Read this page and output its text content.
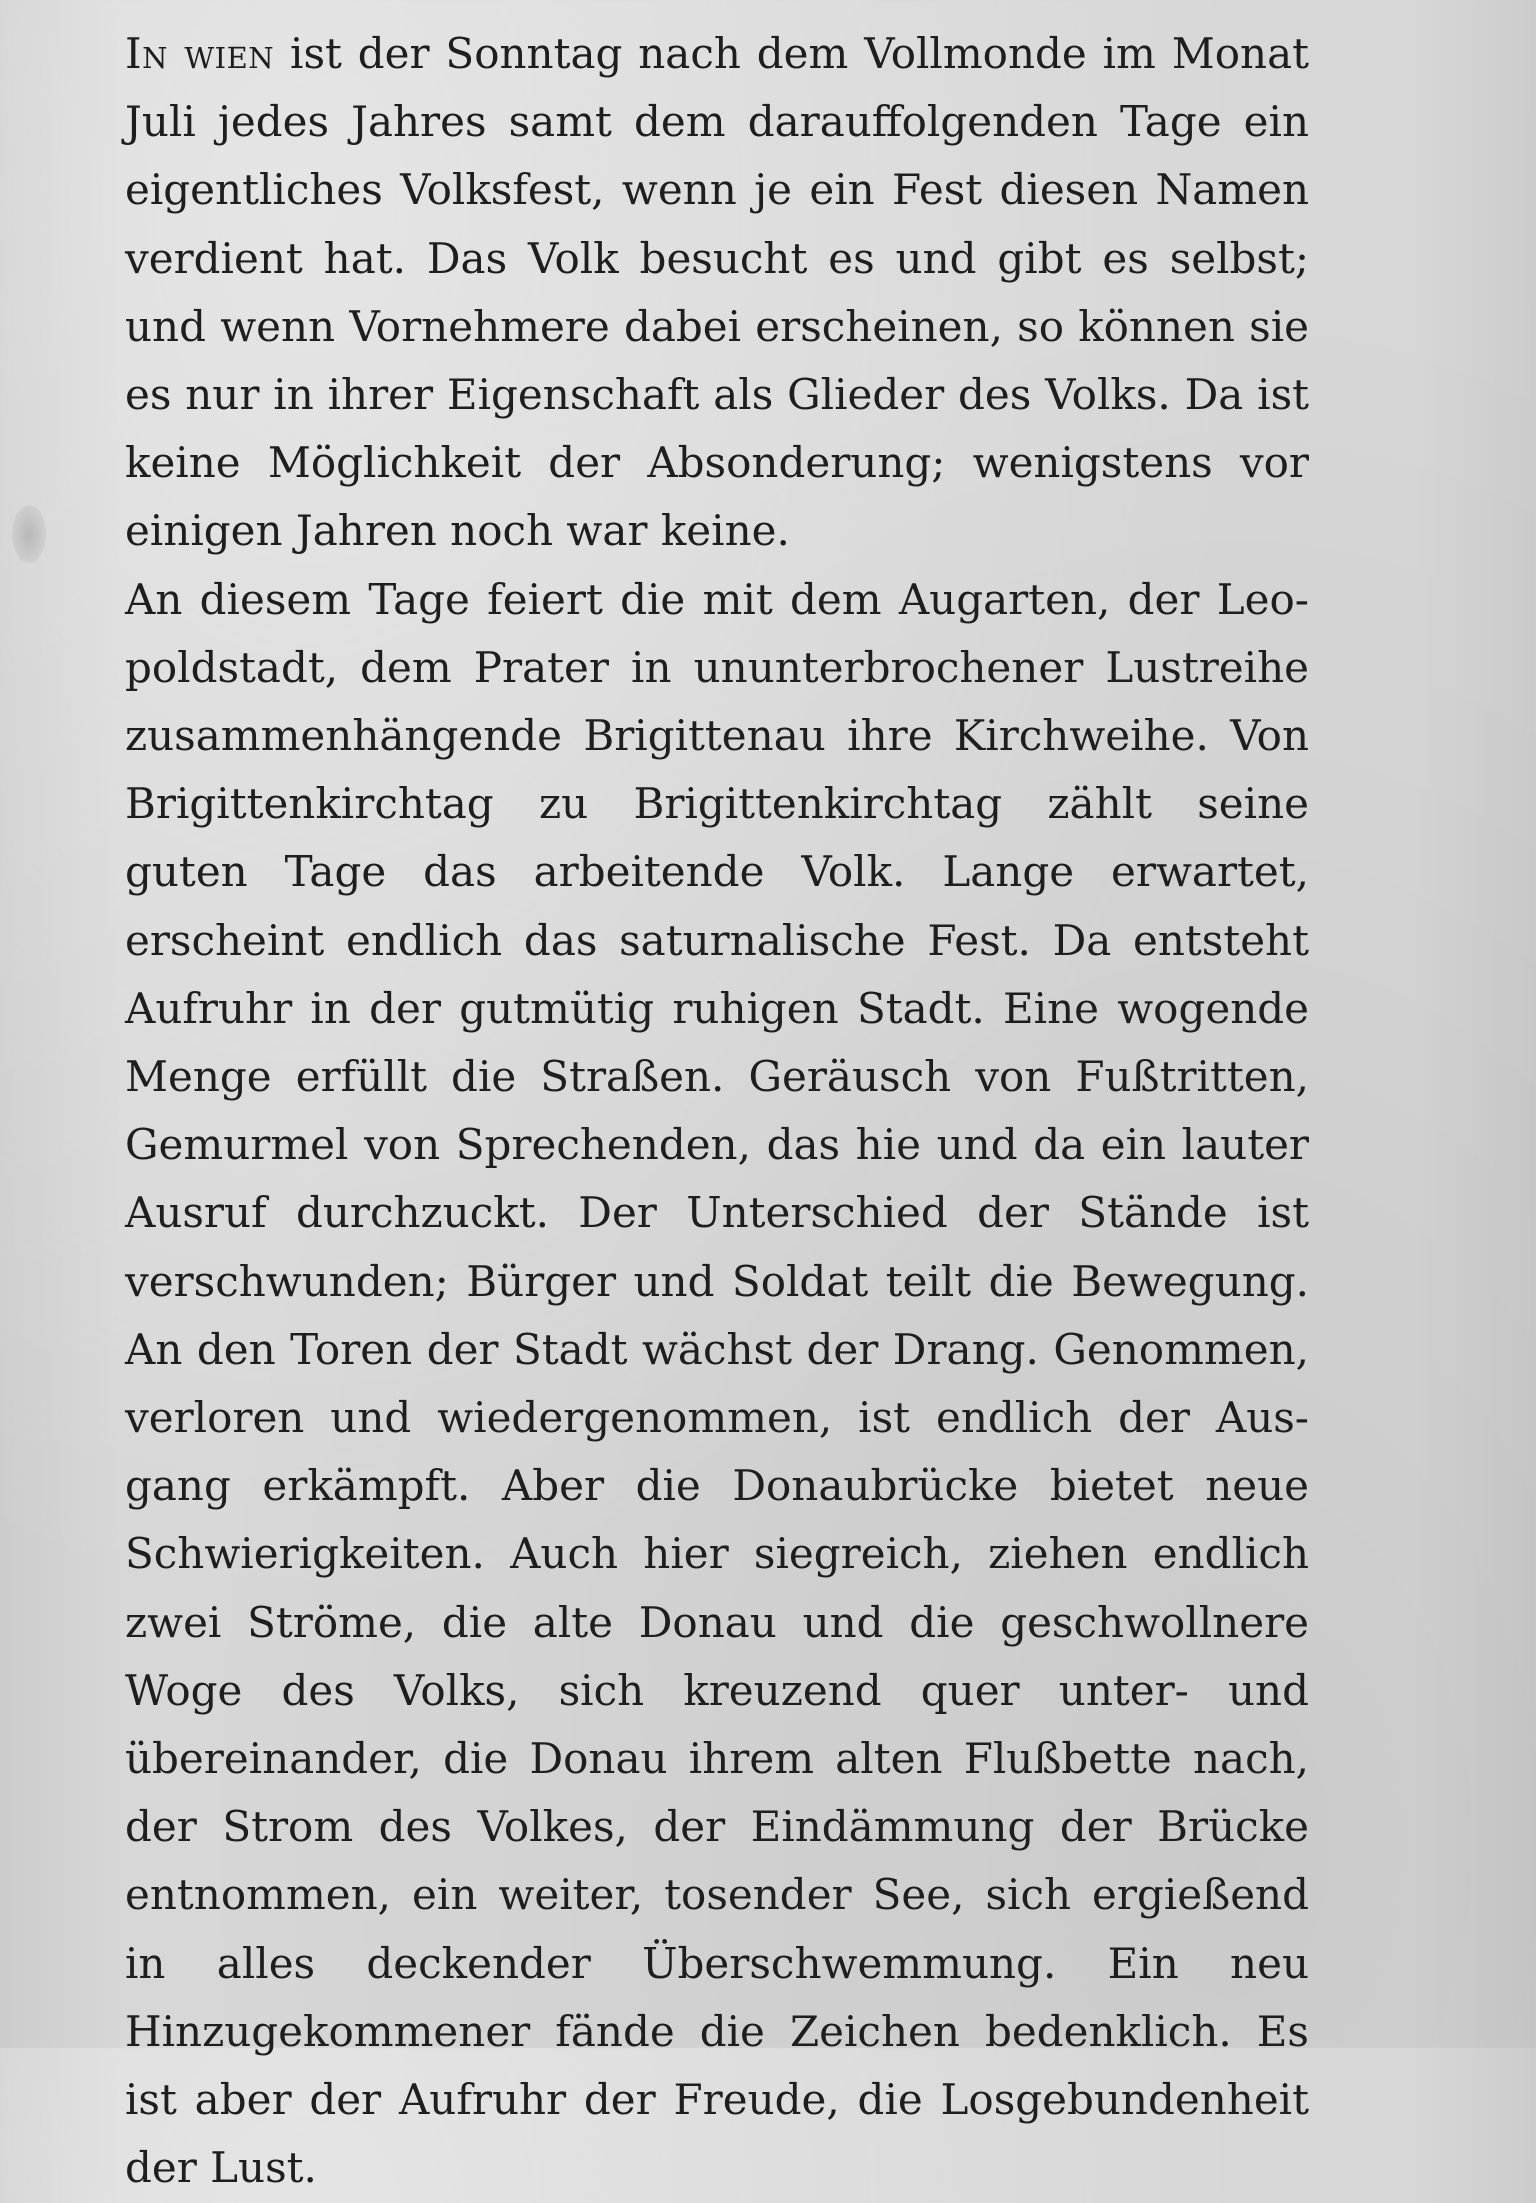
In wien ist der Sonntag nach dem Vollmonde im Monat Juli jedes Jahres samt dem darauffolgenden Tage ein eigentliches Volksfest, wenn je ein Fest diesen Namen verdient hat. Das Volk besucht es und gibt es selbst; und wenn Vornehmere dabei erscheinen, so können sie es nur in ihrer Eigenschaft als Glieder des Volks. Da ist keine Möglichkeit der Absonderung; wenigstens vor einigen Jahren noch war keine.

An diesem Tage feiert die mit dem Augarten, der Leopoldstadt, dem Prater in ununterbrochener Lustreihe zusammenhängende Brigittenau ihre Kirchweihe. Von Brigittenkirchtag zu Brigittenkirchtag zählt seine guten Tage das arbeitende Volk. Lange erwartet, erscheint endlich das saturnalische Fest. Da entsteht Aufruhr in der gutmütig ruhigen Stadt. Eine wogende Menge erfüllt die Straßen. Geräusch von Fußtritten, Gemurmel von Sprechenden, das hie und da ein lauter Ausruf durchzuckt. Der Unterschied der Stände ist verschwunden; Bürger und Soldat teilt die Bewegung. An den Toren der Stadt wächst der Drang. Genommen, verloren und wiedergenommen, ist endlich der Ausgang erkämpft. Aber die Donaubrücke bietet neue Schwierigkeiten. Auch hier siegreich, ziehen endlich zwei Ströme, die alte Donau und die geschwollnere Woge des Volks, sich kreuzend quer unter- und übereinander, die Donau ihrem alten Flußbette nach, der Strom des Volkes, der Eindämmung der Brücke entnommen, ein weiter, tosender See, sich ergießend in alles deckender Überschwemmung. Ein neu Hinzugekommener fände die Zeichen bedenklich. Es ist aber der Aufruhr der Freude, die Losgebundenheit der Lust.
